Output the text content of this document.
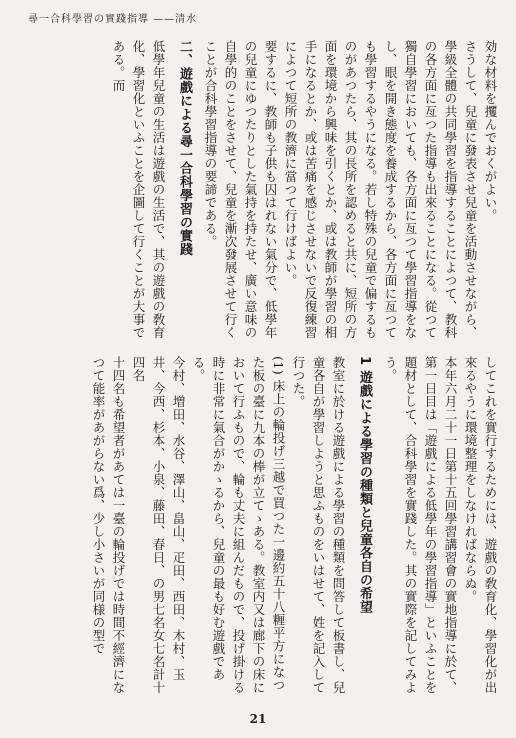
尋一合科學習の實踐指導 ——清水

効な材料を攫んでおくがよい。

さうして、兒童に發表させ兒童を活動させながら、學級全體の共同學習を指導することによつて、教科の各方面に亙つた指導も出來ることになる。從つて獨自學習においても、各方面に亙つて學習指導をなし、眼を開き態度を養成するから、各方面に亙つても學習するやうになる。若し特殊の兒童で偏するものがあつたら、其の長所を認めると共に、短所の方面を環境から興味を引くとか、或は教師が學習の相手になるとか、或は苦痛を感じさせないで反復練習によつて短所の教濟に當つて行けばよい。

要するに、教師も子供も囚はれない氣分で、低學年の兒童にゆつたりとした氣持を持たせ、廣い意味の自學的のことをさせて、兒童を漸次發展させて行くことが合科學習指導の要諦である。

二、遊戲による尋一合科學習の實踐

低學年兒童の生活は遊戲の生活で、其の遊戲の敎育化、學習化といふことを企圖して行くことが大事である。而

してこれを實行するためには、遊戲の敎育化、學習化が出來るやうに環境整理をしなければならぬ。

本年六月二十一日第十五回學習講習會の實地指導に於て、第一日目は「遊戲による低學年の學習指導」といふことを題材として、合科學習を實踐した。其の實際を記してみよう。

1 遊戲による學習の種類と兒童各自の希望

教室に於ける遊戲による學習の種類を問答して板書し、兒童各自が學習しようと思ふものをいはせて、姓を記入して行つた。

(1) 床上の輪投げ三越で買つた一邊約五十八糎平方になつた板の臺に九本の棒が立てゝある。教室内又は廊下の床において行ふもので、輪も丈夫に組んだもので、投げ掛ける時に非常に氣合がかゝるから、兒童の最も好む遊戲である。

今村、増田、水谷、澤山、畠山、疋田、西田、木村、玉井、今西、杉本、小泉、藤田、春日、の男七名女七名計十四名

十四名も希望者があては一臺の輪投げでは時間不經濟になつて能率があがらない爲、少し小さいが同様の型で

21
